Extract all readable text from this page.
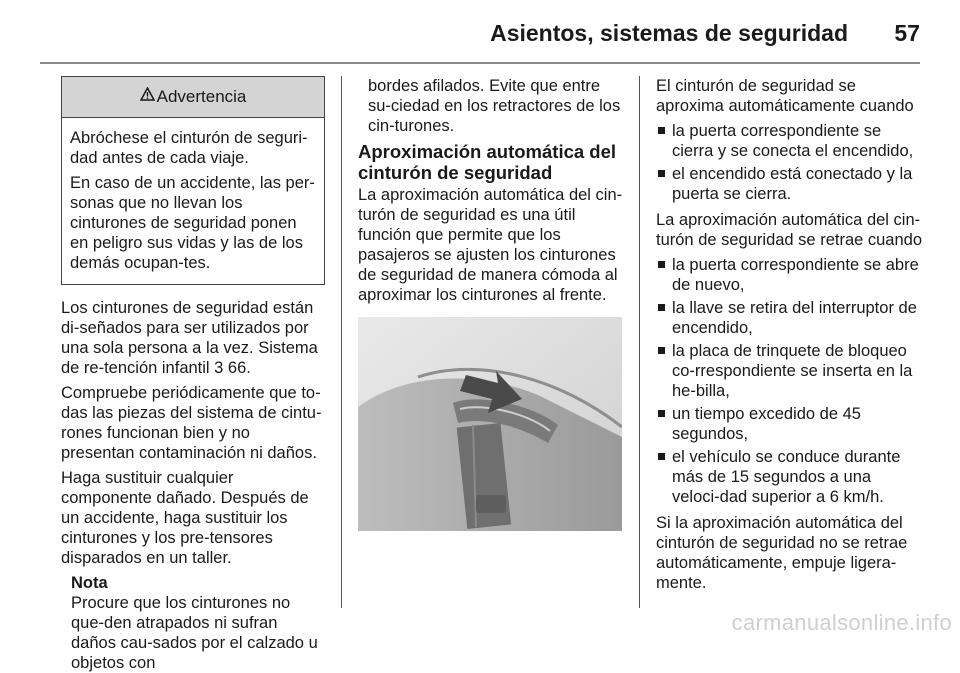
Asientos, sistemas de seguridad 57
Advertencia

Abróchese el cinturón de seguri-dad antes de cada viaje.

En caso de un accidente, las per-sonas que no llevan los cinturones de seguridad ponen en peligro sus vidas y las de los demás ocupan-tes.

Los cinturones de seguridad están di-señados para ser utilizados por una sola persona a la vez. Sistema de re-tención infantil 3 66.

Compruebe periódicamente que to-das las piezas del sistema de cintu-rones funcionan bien y no presentan contaminación ni daños.

Haga sustituir cualquier componente dañado. Después de un accidente, haga sustituir los cinturones y los pre-tensores disparados en un taller.

Nota
Procure que los cinturones no que-den atrapados ni sufran daños cau-sados por el calzado u objetos con

bordes afilados. Evite que entre su-ciedad en los retractores de los cin-turones.

Aproximación automática del cinturón de seguridad

La aproximación automática del cin-turón de seguridad es una útil función que permite que los pasajeros se ajusten los cinturones de seguridad de manera cómoda al aproximar los cinturones al frente.

El cinturón de seguridad se aproxima automáticamente cuando

la puerta correspondiente se cierra y se conecta el encendido,
el encendido está conectado y la puerta se cierra.

La aproximación automática del cin-turón de seguridad se retrae cuando

la puerta correspondiente se abre de nuevo,
la llave se retira del interruptor de encendido,
la placa de trinquete de bloqueo co-rrespondiente se inserta en la he-billa,
un tiempo excedido de 45 segundos,
el vehículo se conduce durante más de 15 segundos a una veloci-dad superior a 6 km/h.

Si la aproximación automática del cinturón de seguridad no se retrae automáticamente, empuje ligera-mente.

carmanualsonline.info
